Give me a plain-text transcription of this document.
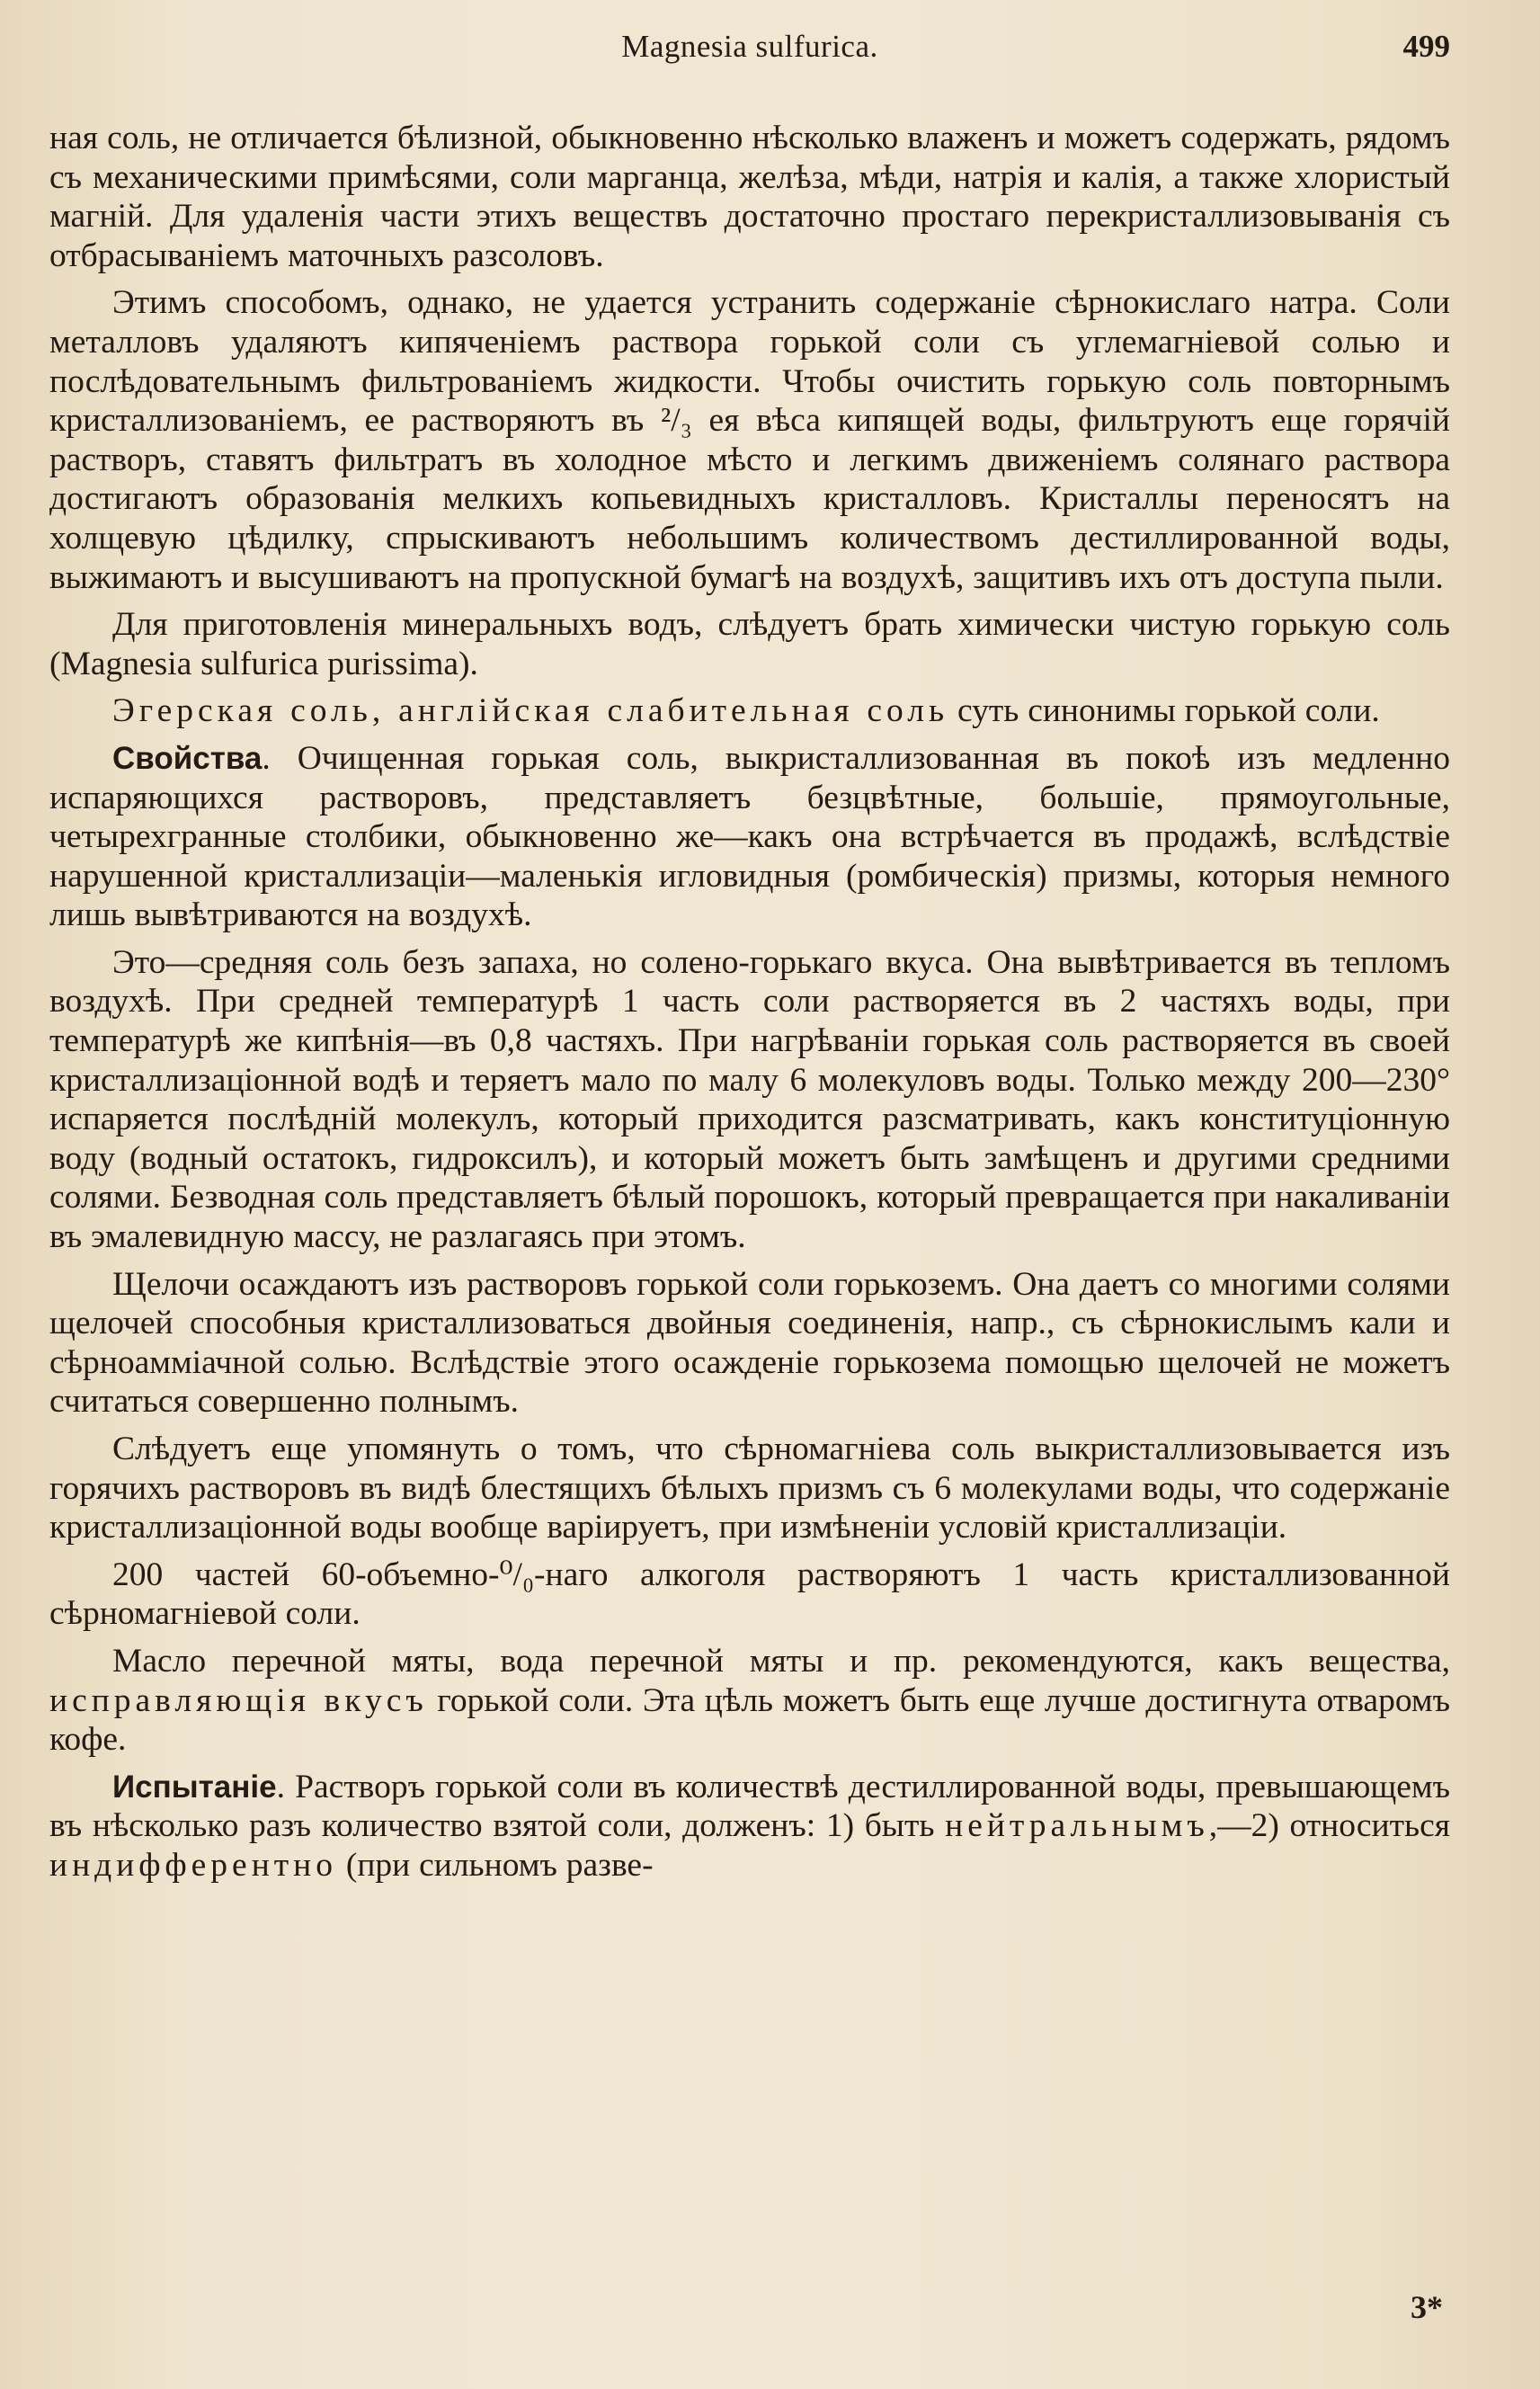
Magnesia sulfurica.	499

ная соль, не отличается бѣлизной, обыкновенно нѣсколько влаженъ и можетъ содержать, рядомъ съ механическими примѣсями, соли марганца, желѣза, мѣди, натрія и калія, а также хлористый магній. Для удаленія части этихъ веществъ достаточно простаго перекристаллизовыванія съ отбрасываніемъ маточныхъ разсоловъ.

Этимъ способомъ, однако, не удается устранить содержаніе сѣрнокислаго натра. Соли металловъ удаляютъ кипяченіемъ раствора горькой соли съ углемагніевой солью и послѣдовательнымъ фильтрованіемъ жидкости. Чтобы очистить горькую соль повторнымъ кристаллизованіемъ, ее растворяютъ въ ²/₃ ея вѣса кипящей воды, фильтруютъ еще горячій растворъ, ставятъ фильтратъ въ холодное мѣсто и легкимъ движеніемъ солянаго раствора достигаютъ образованія мелкихъ копьевидныхъ кристалловъ. Кристаллы переносятъ на холщевую цѣдилку, спрыскиваютъ небольшимъ количествомъ дестиллированной воды, выжимаютъ и высушиваютъ на пропускной бумагѣ на воздухѣ, защитивъ ихъ отъ доступа пыли.

Для приготовленія минеральныхъ водъ, слѣдуетъ брать химически чистую горькую соль (Magnesia sulfurica purissima).

Эгерская соль, англійская слабительная соль суть синонимы горькой соли.

Свойства. Очищенная горькая соль, выкристаллизованная въ покоѣ изъ медленно испаряющихся растворовъ, представляетъ безцвѣтные, большіе, прямоугольные, четырехгранные столбики, обыкновенно же—какъ она встрѣчается въ продажѣ, вслѣдствіе нарушенной кристаллизаціи—маленькія игловидныя (ромбическія) призмы, которыя немного лишь вывѣтриваются на воздухѣ.

Это—средняя соль безъ запаха, но солено-горькаго вкуса. Она вывѣтривается въ тепломъ воздухѣ. При средней температурѣ 1 часть соли растворяется въ 2 частяхъ воды, при температурѣ же кипѣнія—въ 0,8 частяхъ. При нагрѣваніи горькая соль растворяется въ своей кристаллизаціонной водѣ и теряетъ мало по малу 6 молекуловъ воды. Только между 200—230° испаряется послѣдній молекулъ, который приходится разсматривать, какъ конституціонную воду (водный остатокъ, гидроксилъ), и который можетъ быть замѣщенъ и другими средними солями. Безводная соль представляетъ бѣлый порошокъ, который превращается при накаливаніи въ эмалевидную массу, не разлагаясь при этомъ.

Щелочи осаждаютъ изъ растворовъ горькой соли горькоземъ. Она даетъ со многими солями щелочей способныя кристаллизоваться двойныя соединенія, напр., съ сѣрнокислымъ кали и сѣрноамміачной солью. Вслѣдствіе этого осажденіе горькозема помощью щелочей не можетъ считаться совершенно полнымъ.

Слѣдуетъ еще упомянуть о томъ, что сѣрномагніева соль выкристаллизовывается изъ горячихъ растворовъ въ видѣ блестящихъ бѣлыхъ призмъ съ 6 молекулами воды, что содержаніе кристаллизаціонной воды вообще варіируетъ, при измѣненіи условій кристаллизаціи.

200 частей 60-объемно-⁰/₀-наго алкоголя растворяютъ 1 часть кристаллизованной сѣрномагніевой соли.

Масло перечной мяты, вода перечной мяты и пр. рекомендуются, какъ вещества, исправляющія вкусъ горькой соли. Эта цѣль можетъ быть еще лучше достигнута отваромъ кофе.

Испытаніе. Растворъ горькой соли въ количествѣ дестиллированной воды, превышающемъ въ нѣсколько разъ количество взятой соли, долженъ: 1) быть нейтральнымъ,—2) относиться индифферентно (при сильномъ разве-

3*
